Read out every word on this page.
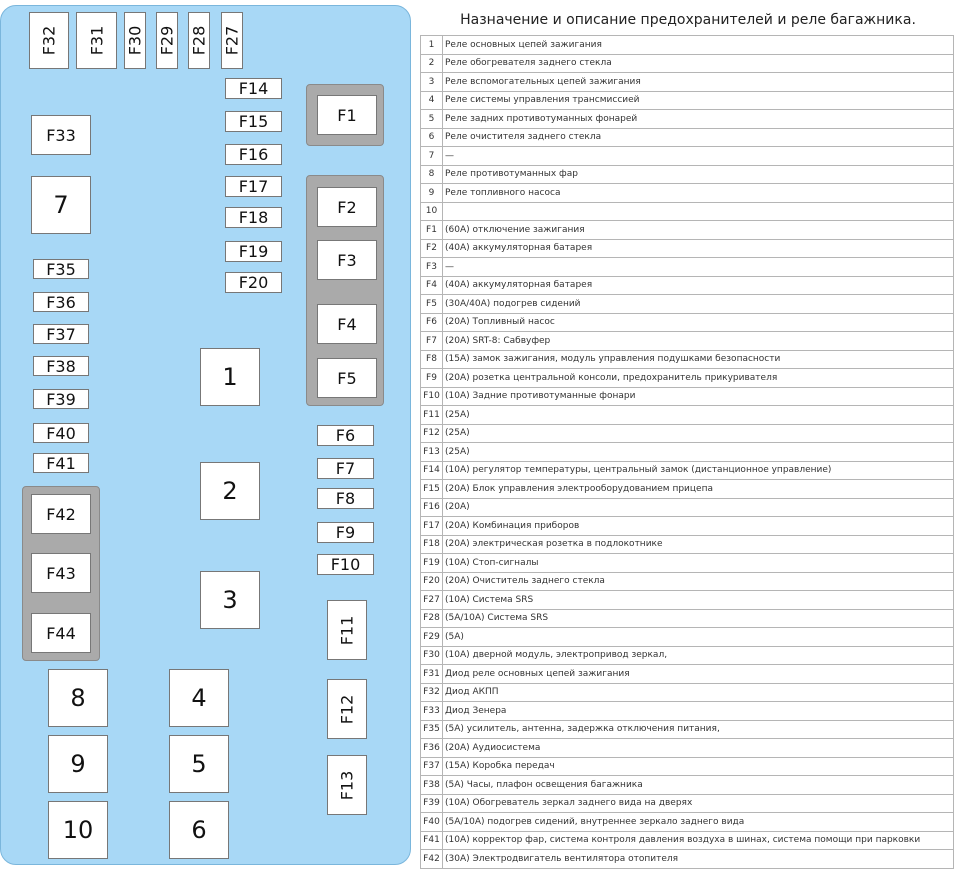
F32 F31 F30 F29 F28 F27
F14
F15
F16
F17
F18
F19
F20
F33
7
F35
F36
F37
F38
F39
F40
F41
F42
F43
F44
8
9
10
1
2
3
4
5
6
F1
F2
F3
F4
F5
F6
F7
F8
F9
F10
F11
F12
F13
Назначение и описание предохранителей и реле багажника.
1	Реле основных цепей зажигания
2	Реле обогревателя заднего стекла
3	Реле вспомогательных цепей зажигания
4	Реле системы управления трансмиссией
5	Реле задних противотуманных фонарей
6	Реле очистителя заднего стекла
7	—
8	Реле противотуманных фар
9	Реле топливного насоса
10	
F1	(60А) отключение зажигания
F2	(40А) аккумуляторная батарея
F3	—
F4	(40А) аккумуляторная батарея
F5	(30А/40А) подогрев сидений
F6	(20А) Топливный насос
F7	(20А) SRT-8: Сабвуфер
F8	(15А) замок зажигания, модуль управления подушками безопасности
F9	(20А) розетка центральной консоли, предохранитель прикуривателя
F10	(10А) Задние противотуманные фонари
F11	(25А)
F12	(25А)
F13	(25А)
F14	(10А) регулятор температуры, центральный замок (дистанционное управление)
F15	(20А) Блок управления электрооборудованием прицепа
F16	(20А)
F17	(20А) Комбинация приборов
F18	(20А) электрическая розетка в подлокотнике
F19	(10А) Стоп-сигналы
F20	(20А) Очиститель заднего стекла
F27	(10А) Система SRS
F28	(5А/10А) Система SRS
F29	(5А)
F30	(10А) дверной модуль, электропривод зеркал,
F31	Диод реле основных цепей зажигания
F32	Диод АКПП
F33	Диод Зенера
F35	(5А) усилитель, антенна, задержка отключения питания,
F36	(20А) Аудиосистема
F37	(15А) Коробка передач
F38	(5А) Часы, плафон освещения багажника
F39	(10А) Обогреватель зеркал заднего вида на дверях
F40	(5А/10А) подогрев сидений, внутреннее зеркало заднего вида
F41	(10А) корректор фар, система контроля давления воздуха в шинах, система помощи при парковки
F42	(30А) Электродвигатель вентилятора отопителя
